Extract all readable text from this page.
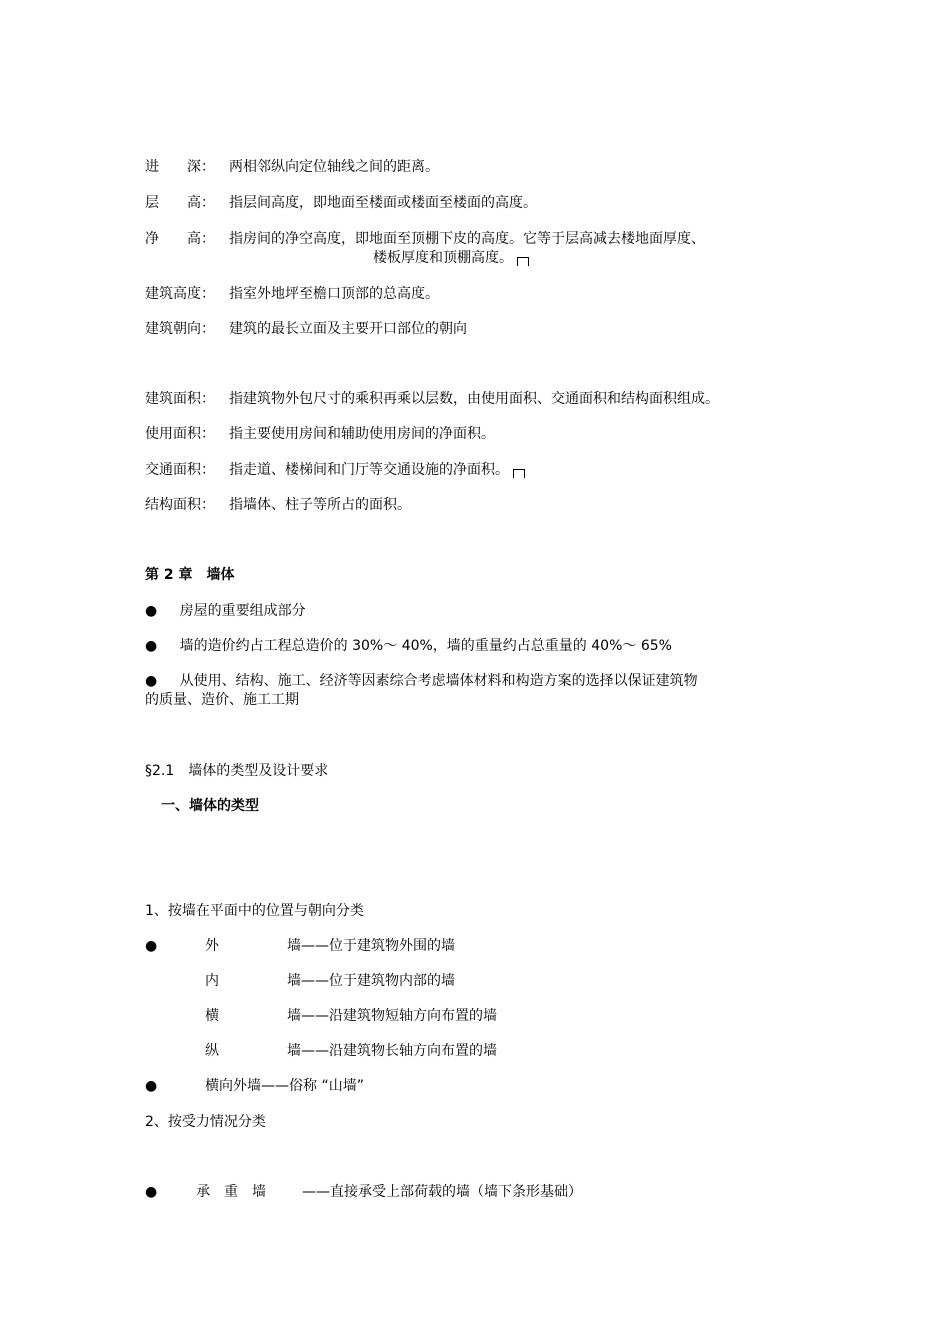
进　　深： 两相邻纵向定位轴线之间的距离。
层　　高： 指层间高度，即地面至楼面或楼面至楼面的高度。
净　　高： 指房间的净空高度，即地面至顶棚下皮的高度。它等于层高减去楼地面厚度、
楼板厚度和顶棚高度。
建筑高度： 指室外地坪至檐口顶部的总高度。
建筑朝向： 建筑的最长立面及主要开口部位的朝向
建筑面积： 指建筑物外包尺寸的乘积再乘以层数，由使用面积、交通面积和结构面积组成。
使用面积： 指主要使用房间和辅助使用房间的净面积。
交通面积： 指走道、楼梯间和门厅等交通设施的净面积。
结构面积： 指墙体、柱子等所占的面积。
第 2 章　墙体
● 房屋的重要组成部分
● 墙的造价约占工程总造价的 30%～ 40%，墙的重量约占总重量的 40%～ 65%
● 从使用、结构、施工、经济等因素综合考虑墙体材料和构造方案的选择以保证建筑物
的质量、造价、施工工期
§2.1　墙体的类型及设计要求
一、墙体的类型
1、按墙在平面中的位置与朝向分类
●	外	墙——位于建筑物外围的墙
内	墙——位于建筑物内部的墙
横	墙——沿建筑物短轴方向布置的墙
纵	墙——沿建筑物长轴方向布置的墙
●	横向外墙——俗称 “山墙”
2、按受力情况分类
●	承　重　墙	——直接承受上部荷载的墙（墙下条形基础）
